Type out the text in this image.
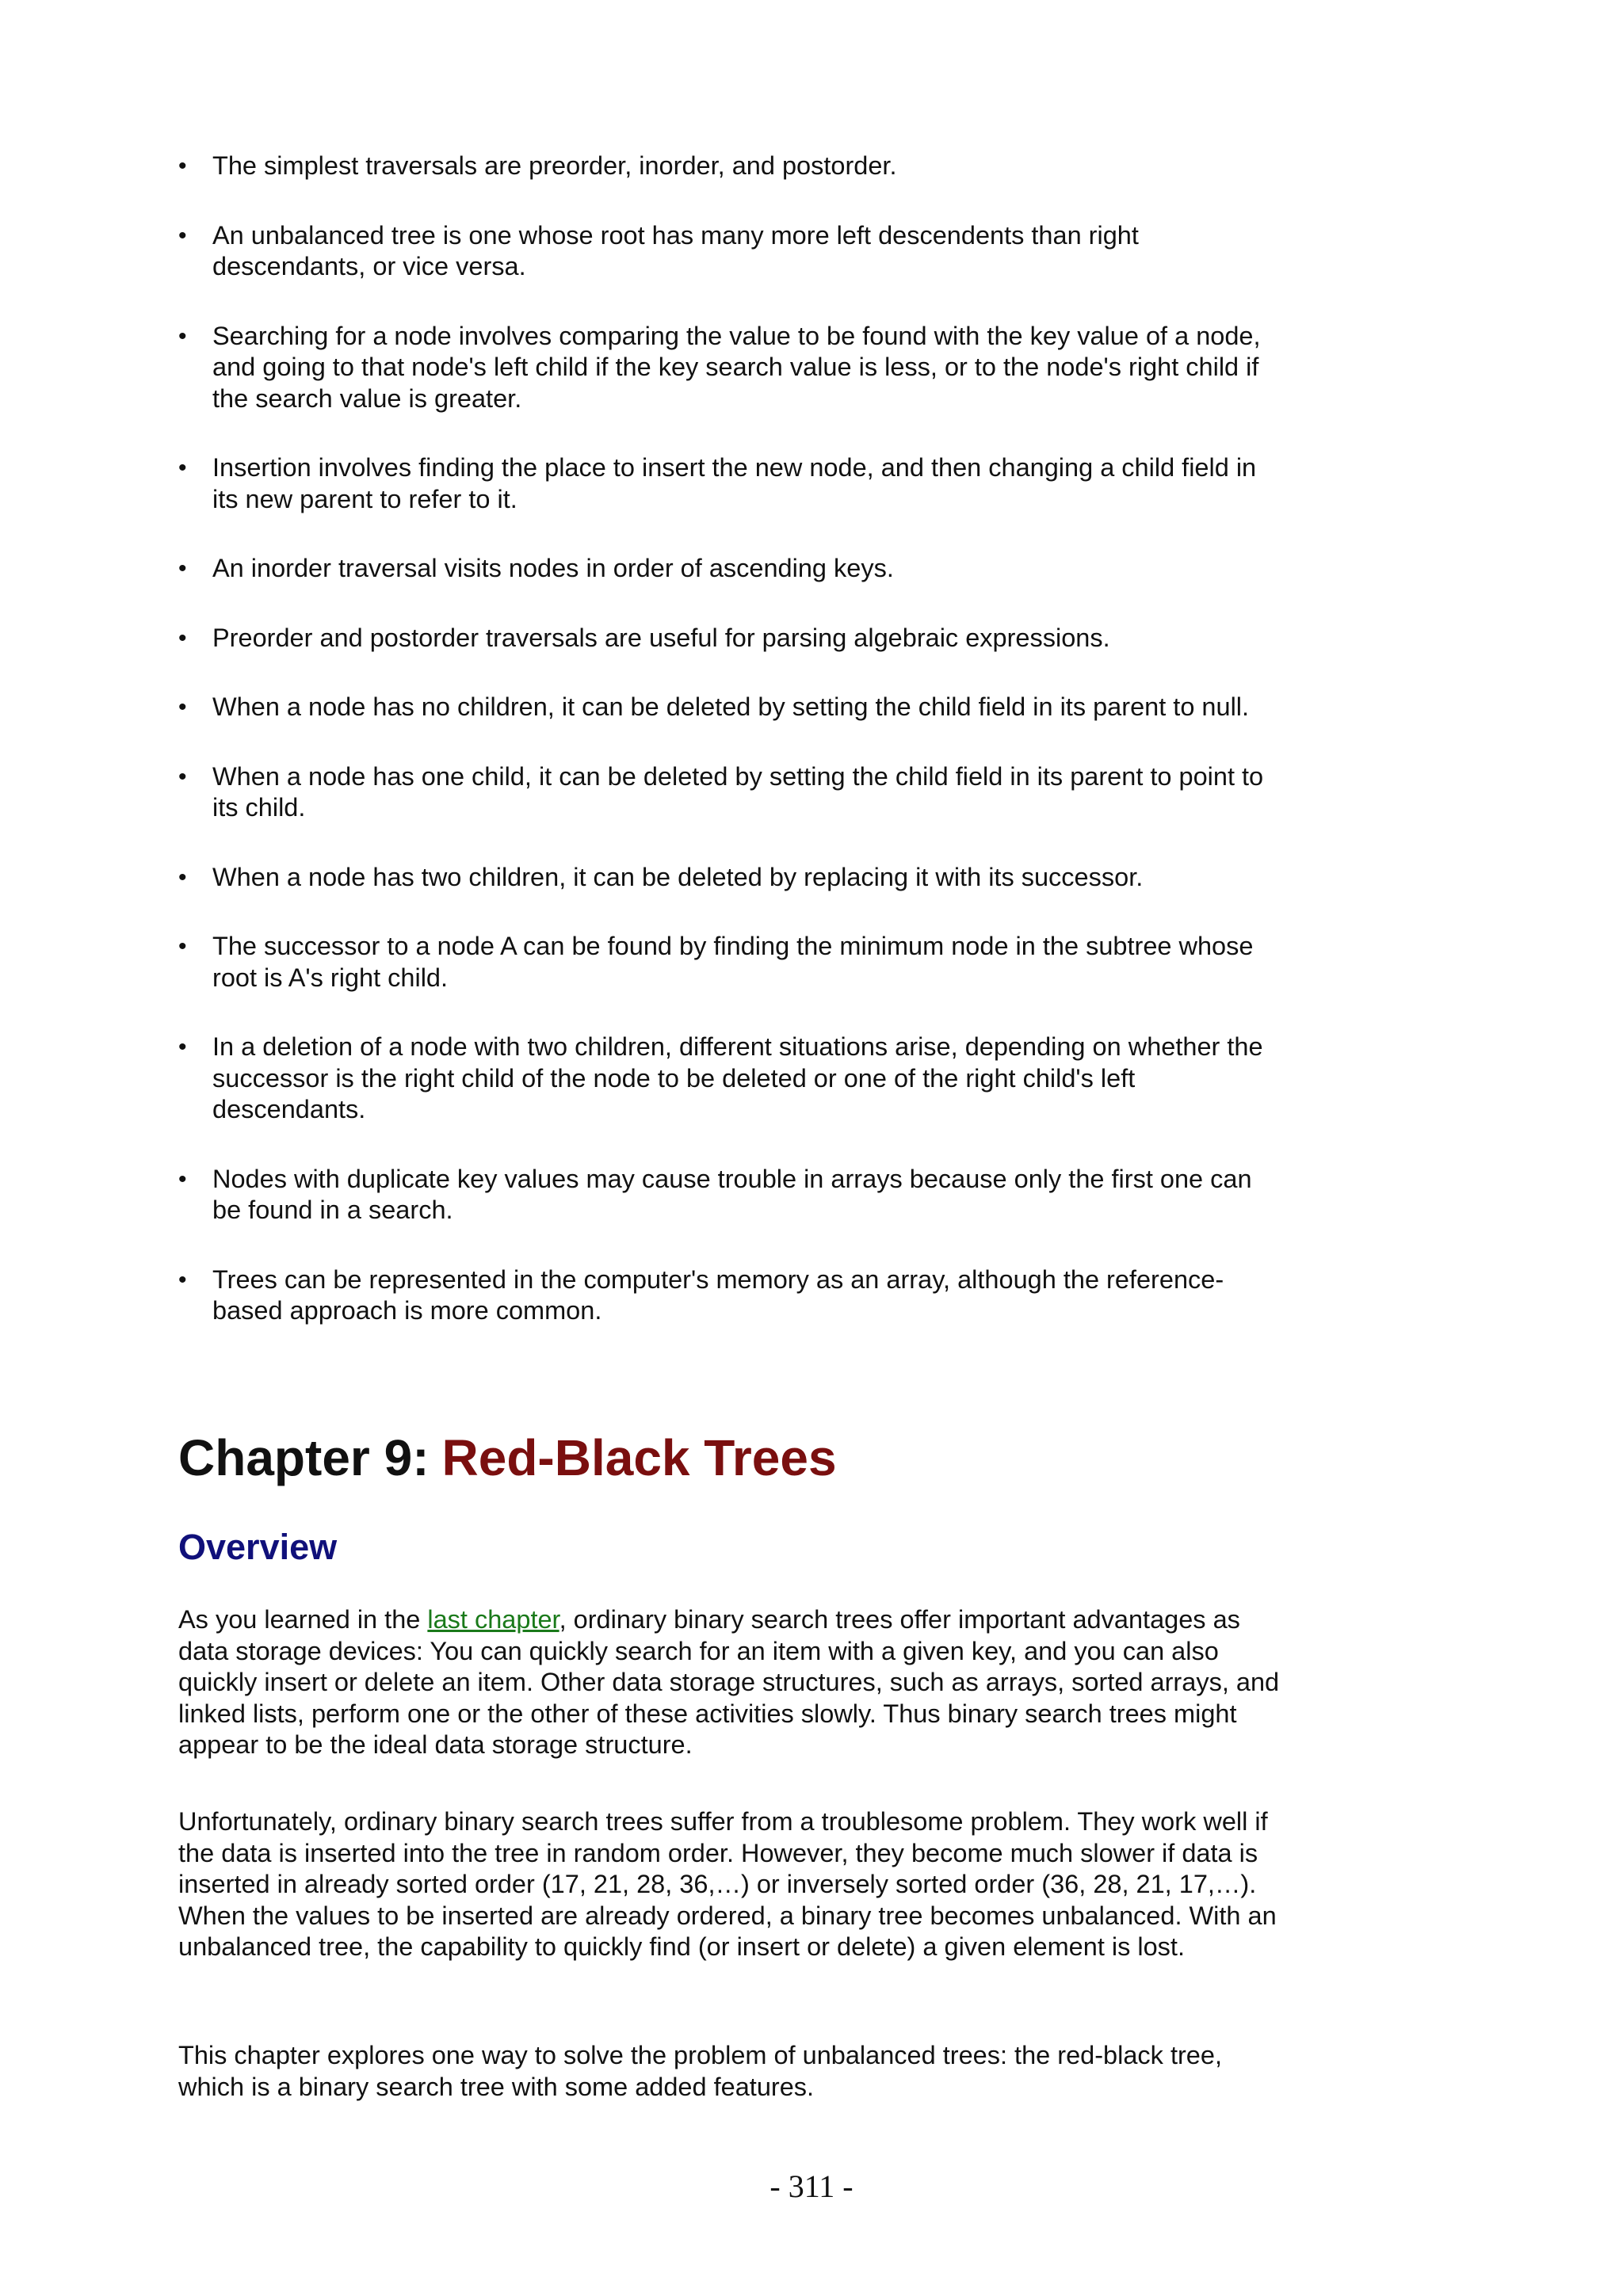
• The simplest traversals are preorder, inorder, and postorder.
• An unbalanced tree is one whose root has many more left descendents than right descendants, or vice versa.
• Searching for a node involves comparing the value to be found with the key value of a node, and going to that node's left child if the key search value is less, or to the node's right child if the search value is greater.
• Insertion involves finding the place to insert the new node, and then changing a child field in its new parent to refer to it.
• An inorder traversal visits nodes in order of ascending keys.
• Preorder and postorder traversals are useful for parsing algebraic expressions.
• When a node has no children, it can be deleted by setting the child field in its parent to null.
• When a node has one child, it can be deleted by setting the child field in its parent to point to its child.
• When a node has two children, it can be deleted by replacing it with its successor.
• The successor to a node A can be found by finding the minimum node in the subtree whose root is A's right child.
• In a deletion of a node with two children, different situations arise, depending on whether the successor is the right child of the node to be deleted or one of the right child's left descendants.
• Nodes with duplicate key values may cause trouble in arrays because only the first one can be found in a search.
• Trees can be represented in the computer's memory as an array, although the reference-based approach is more common.
Chapter 9: Red-Black Trees
Overview

As you learned in the last chapter, ordinary binary search trees offer important advantages as data storage devices: You can quickly search for an item with a given key, and you can also quickly insert or delete an item. Other data storage structures, such as arrays, sorted arrays, and linked lists, perform one or the other of these activities slowly. Thus binary search trees might appear to be the ideal data storage structure.

Unfortunately, ordinary binary search trees suffer from a troublesome problem. They work well if the data is inserted into the tree in random order. However, they become much slower if data is inserted in already sorted order (17, 21, 28, 36,…) or inversely sorted order (36, 28, 21, 17,…). When the values to be inserted are already ordered, a binary tree becomes unbalanced. With an unbalanced tree, the capability to quickly find (or insert or delete) a given element is lost.

This chapter explores one way to solve the problem of unbalanced trees: the red-black tree, which is a binary search tree with some added features.

- 311 -
